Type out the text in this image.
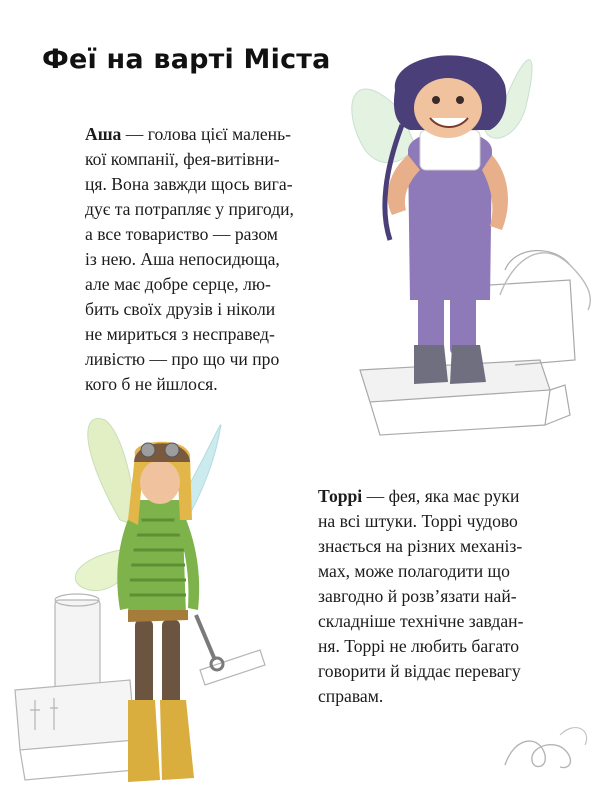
Феї на варті Міста
Аша — голова цієї малень-
кої компанії, фея-витівни-
ця. Вона завжди щось вига-
дує та потрапляє у пригоди,
а все товариство — разом
із нею. Аша непосидюща,
але має добре серце, лю-
бить своїх друзів і ніколи
не мириться з несправед-
ливістю — про що чи про
кого б не йшлося.
Торрі — фея, яка має руки
на всі штуки. Торрі чудово
знається на різних механіз-
мах, може полагодити що
завгодно й розв’язати най-
складніше технічне завдан-
ня. Торрі не любить багато
говорити й віддає перевагу
справам.
